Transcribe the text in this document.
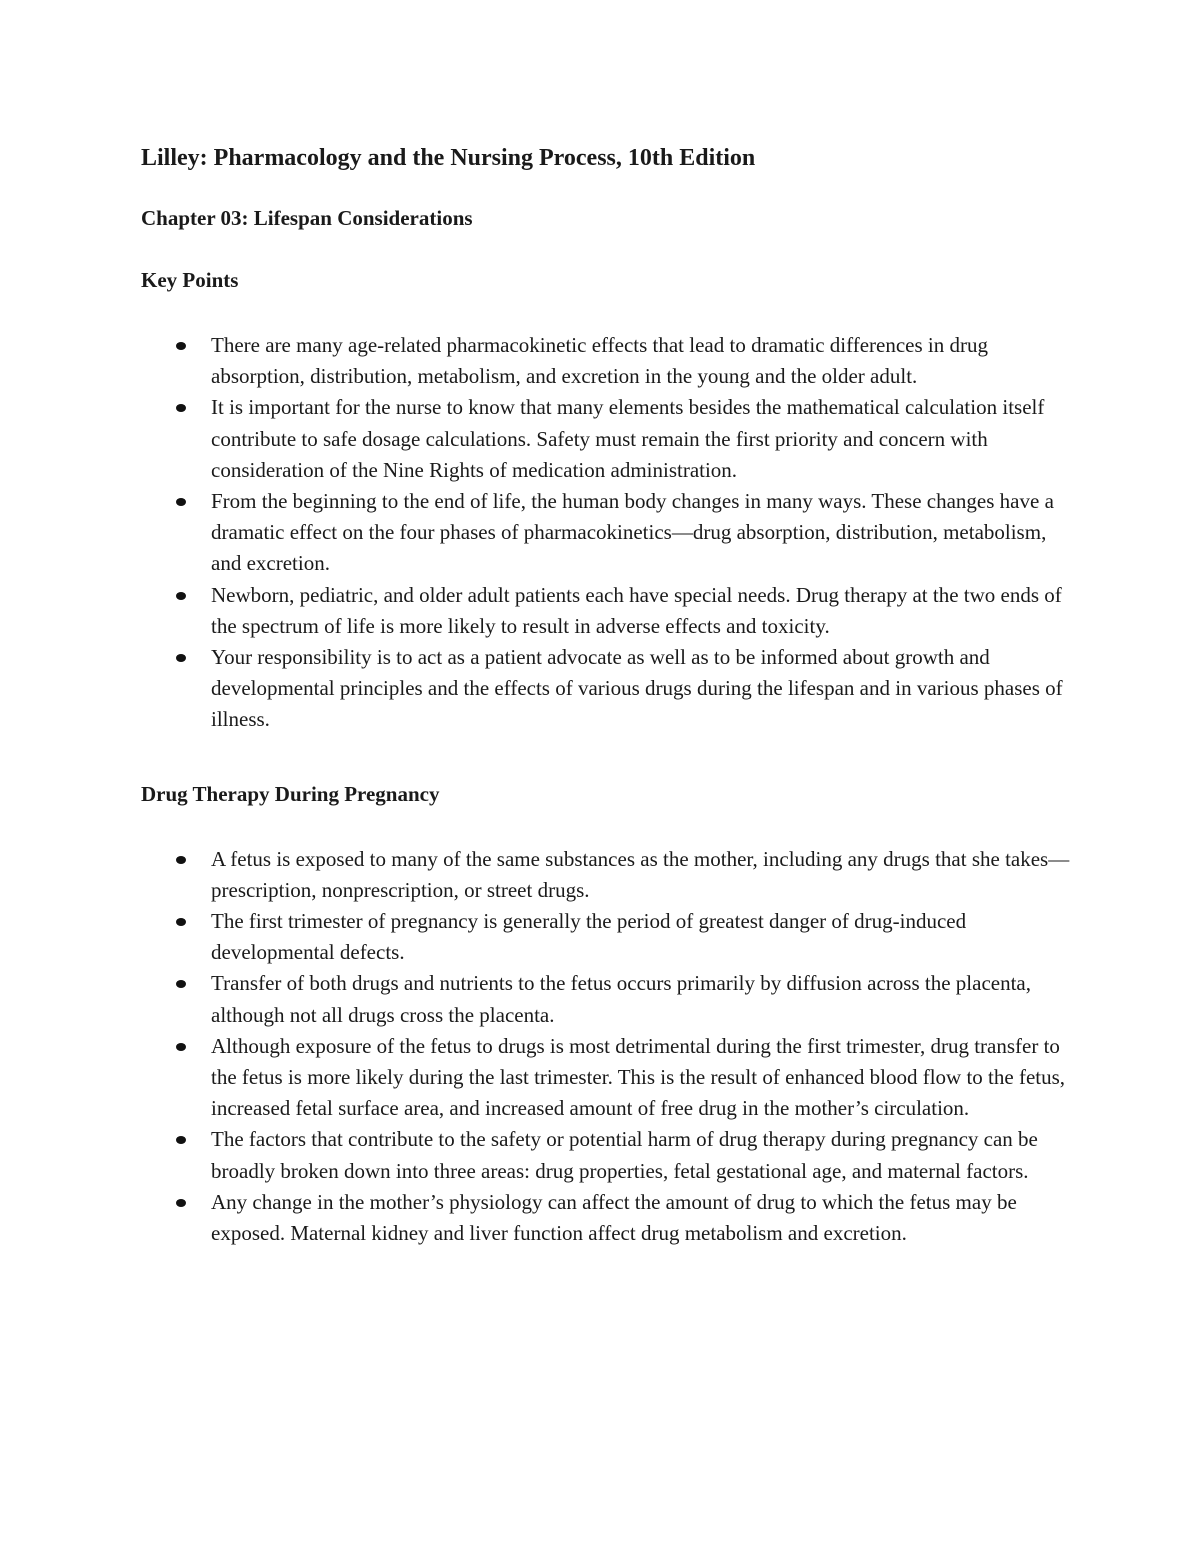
Lilley: Pharmacology and the Nursing Process, 10th Edition
Chapter 03: Lifespan Considerations
Key Points
There are many age-related pharmacokinetic effects that lead to dramatic differences in drug absorption, distribution, metabolism, and excretion in the young and the older adult.
It is important for the nurse to know that many elements besides the mathematical calculation itself contribute to safe dosage calculations. Safety must remain the first priority and concern with consideration of the Nine Rights of medication administration.
From the beginning to the end of life, the human body changes in many ways. These changes have a dramatic effect on the four phases of pharmacokinetics—drug absorption, distribution, metabolism, and excretion.
Newborn, pediatric, and older adult patients each have special needs. Drug therapy at the two ends of the spectrum of life is more likely to result in adverse effects and toxicity.
Your responsibility is to act as a patient advocate as well as to be informed about growth and developmental principles and the effects of various drugs during the lifespan and in various phases of illness.
Drug Therapy During Pregnancy
A fetus is exposed to many of the same substances as the mother, including any drugs that she takes—prescription, nonprescription, or street drugs.
The first trimester of pregnancy is generally the period of greatest danger of drug-induced developmental defects.
Transfer of both drugs and nutrients to the fetus occurs primarily by diffusion across the placenta, although not all drugs cross the placenta.
Although exposure of the fetus to drugs is most detrimental during the first trimester, drug transfer to the fetus is more likely during the last trimester. This is the result of enhanced blood flow to the fetus, increased fetal surface area, and increased amount of free drug in the mother’s circulation.
The factors that contribute to the safety or potential harm of drug therapy during pregnancy can be broadly broken down into three areas: drug properties, fetal gestational age, and maternal factors.
Any change in the mother’s physiology can affect the amount of drug to which the fetus may be exposed. Maternal kidney and liver function affect drug metabolism and excretion.
